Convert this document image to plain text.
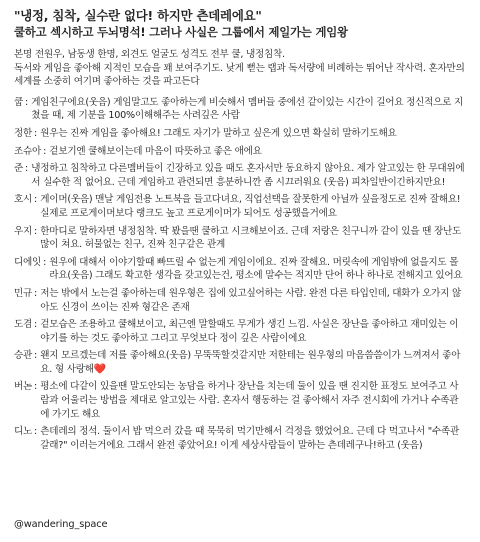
"냉정, 침착, 실수란 없다! 하지만 츤데레에요"
쿨하고 섹시하고 두뇌명석! 그러나 사실은 그룹에서 제일가는 게임왕

본명 전원우, 남동생 한명, 외견도 얼굴도 성격도 전부 쿨, 냉정침착.

독서와 게임을 좋아해 지적인 모습을 꽤 보여주기도. 낮게 뻗는 랩과 독서량에 비례하는 뛰어난 작사력. 혼자만의 세계를 소중히 여기며 좋아하는 것을 파고든다

쿱 : 게임친구에요(웃음) 게임말고도 좋아하는게 비슷해서 멤버들 중에선 같이있는 시간이 길어요 정신적으로 지쳤을 때, 제 기분을 100%이해해주는 사려깊은 사람
정한 : 원우는 진짜 게임을 좋아해요! 그래도 자기가 말하고 싶은게 있으면 확실히 말하기도해요
조슈아 : 겉보기엔 쿨해보이는데 마음이 따뜻하고 좋은 애에요
준 : 냉정하고 침착하고 다른멤버들이 긴장하고 있을 때도 혼자서만 동요하지 않아요. 제가 알고있는 한 무대위에서 실수한 적 없어요. 근데 게임하고 관련되면 흥분하니깐 좀 시끄러워요 (웃음) 피차일반이긴하지만요!
호시 : 게이머(웃음) 맨날 게임전용 노트북을 들고다녀요, 직업선택을 잘못한게 아닐까 싶을정도로 진짜 잘해요! 실제로 프로게이머보다 랭크도 높고 프로게이머가 되어도 성공했을거에요
우지 : 한마디로 말하자면 냉정침착. 딱 봤을땐 쿨하고 시크해보이죠. 근데 저랑은 친구니까 같이 있을 땐 장난도 많이 쳐요. 허물없는 친구, 진짜 친구같은 관계
디에잇 : 원우에 대해서 이야기할때 빠뜨릴 수 없는게 게임이에요. 진짜 잘해요. 머릿속에 게임밖에 없을지도 몰라요(웃음) 그래도 확고한 생각을 갖고있는건, 평소에 말수는 적지만 단어 하나 하나로 전해지고 있어요
민규 : 저는 밖에서 노는걸 좋아하는데 원우형은 집에 있고싶어하는 사람. 완전 다른 타입인데, 대화가 오가지 않아도 신경이 쓰이는 진짜 형같은 존재
도겸 : 겉모습은 조용하고 쿨해보이고, 최근엔 말할때도 무게가 생긴 느낌. 사실은 장난을 좋아하고 재미있는 이야기를 하는 것도 좋아하고 그리고 무엇보다 정이 깊은 사람이에요
승관 : 왠지 모르겠는데 저를 좋아해요(웃음) 무뚝뚝할것같지만 저한테는 원우형의 마음씀씀이가 느껴져서 좋아요. 형 사랑해❤️
버논 : 평소에 다같이 있을땐 말도안되는 농담을 하거나 장난을 치는데 둘이 있을 땐 진지한 표정도 보여주고 사람과 어울리는 방법을 제대로 알고있는 사람. 혼자서 행동하는 걸 좋아해서 자주 전시회에 가거나 수족관에 가기도 해요
디노 : 츤데레의 정석. 둘이서 밥 먹으러 갔을 때 묵묵히 먹기만해서 걱정을 했었어요. 근데 다 먹고나서 "수족관갈래?" 이러는거에요 그래서 완전 좋았어요! 이게 세상사람들이 말하는 츤데레구나!하고 (웃음)
@wandering_space
